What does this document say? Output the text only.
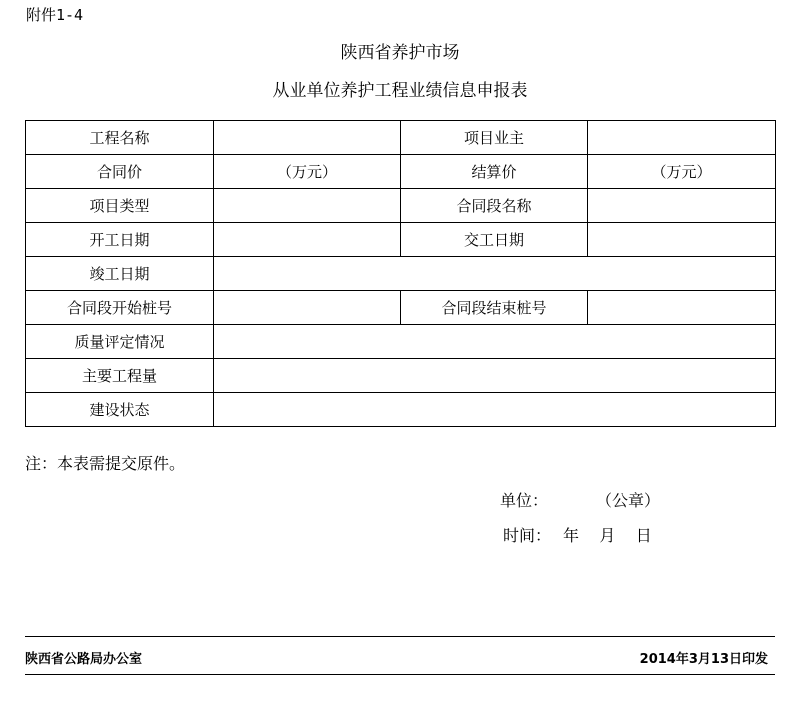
附件1-4
陕西省养护市场
从业单位养护工程业绩信息申报表
工程名称		项目业主	
合同价	（万元）	结算价	（万元）
项目类型		合同段名称	
开工日期		交工日期	
竣工日期			
合同段开始桩号		合同段结束桩号	
质量评定情况			
主要工程量			
建设状态			
注：本表需提交原件。
单位：	（公章）
时间： 年    月    日
陕西省公路局办公室	2014年3月13日印发
